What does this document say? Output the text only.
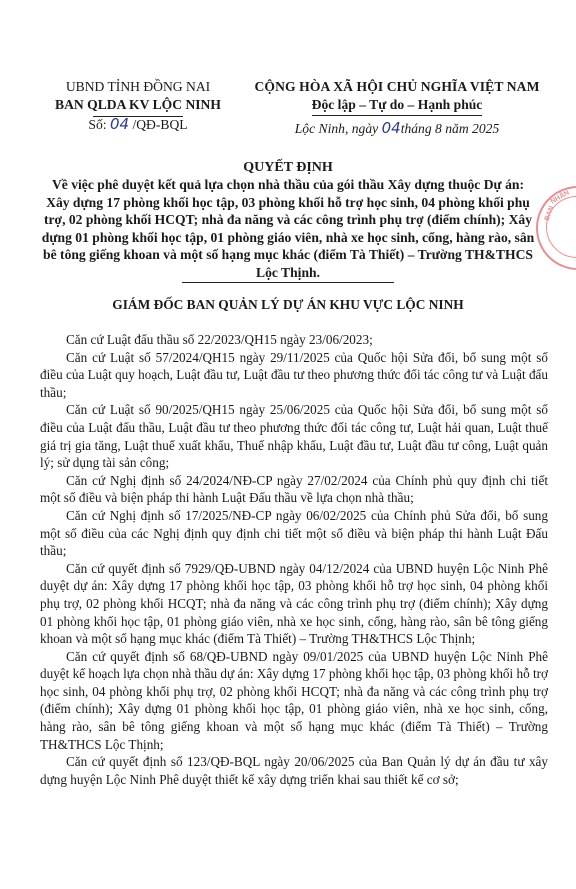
UBND TỈNH ĐỒNG NAI
BAN QLDA KV LỘC NINH
Số: 04 /QĐ-BQL
CỘNG HÒA XÃ HỘI CHỦ NGHĨA VIỆT NAM
Độc lập – Tự do – Hạnh phúc
Lộc Ninh, ngày 04tháng 8 năm 2025
QUYẾT ĐỊNH
Về việc phê duyệt kết quả lựa chọn nhà thầu của gói thầu Xây dựng thuộc Dự án: Xây dựng 17 phòng khối học tập, 03 phòng khối hỗ trợ học sinh, 04 phòng khối phụ trợ, 02 phòng khối HCQT; nhà đa năng và các công trình phụ trợ (điểm chính); Xây dựng 01 phòng khối học tập, 01 phòng giáo viên, nhà xe học sinh, cổng, hàng rào, sân bê tông giếng khoan và một số hạng mục khác (điểm Tà Thiết) – Trường TH&THCS Lộc Thịnh.
GIÁM ĐỐC BAN QUẢN LÝ DỰ ÁN KHU VỰC LỘC NINH

Căn cứ Luật đấu thầu số 22/2023/QH15 ngày 23/06/2023;

Căn cứ Luật số 57/2024/QH15 ngày 29/11/2025 của Quốc hội Sửa đổi, bổ sung một số điều của Luật quy hoạch, Luật đầu tư, Luật đầu tư theo phương thức đối tác công tư và Luật đấu thầu;

Căn cứ Luật số 90/2025/QH15 ngày 25/06/2025 của Quốc hội Sửa đổi, bổ sung một số điều của Luật đấu thầu, Luật đầu tư theo phương thức đối tác công tư, Luật hải quan, Luật thuế giá trị gia tăng, Luật thuế xuất khẩu, Thuế nhập khẩu, Luật đầu tư, Luật đầu tư công, Luật quản lý; sử dụng tài sản công;

Căn cứ Nghị định số 24/2024/NĐ-CP ngày 27/02/2024 của Chính phủ quy định chi tiết một số điều và biện pháp thi hành Luật Đấu thầu về lựa chọn nhà thầu;

Căn cứ Nghị định số 17/2025/NĐ-CP ngày 06/02/2025 của Chính phủ Sửa đổi, bổ sung một số điều của các Nghị định quy định chi tiết một số điều và biện pháp thi hành Luật Đấu thầu;

Căn cứ quyết định số 7929/QĐ-UBND ngày 04/12/2024 của UBND huyện Lộc Ninh Phê duyệt dự án: Xây dựng 17 phòng khối học tập, 03 phòng khối hỗ trợ học sinh, 04 phòng khối phụ trợ, 02 phòng khối HCQT; nhà đa năng và các công trình phụ trợ (điểm chính); Xây dựng 01 phòng khối học tập, 01 phòng giáo viên, nhà xe học sinh, cổng, hàng rào, sân bê tông giếng khoan và một số hạng mục khác (điểm Tà Thiết) – Trường TH&THCS Lộc Thịnh;

Căn cứ quyết định số 68/QĐ-UBND ngày 09/01/2025 của UBND huyện Lộc Ninh Phê duyệt kế hoạch lựa chọn nhà thầu dự án: Xây dựng 17 phòng khối học tập, 03 phòng khối hỗ trợ học sinh, 04 phòng khối phụ trợ, 02 phòng khối HCQT; nhà đa năng và các công trình phụ trợ (điểm chính); Xây dựng 01 phòng khối học tập, 01 phòng giáo viên, nhà xe học sinh, cổng, hàng rào, sân bê tông giếng khoan và một số hạng mục khác (điểm Tà Thiết) – Trường TH&THCS Lộc Thịnh;

Căn cứ quyết định số 123/QĐ-BQL ngày 20/06/2025 của Ban Quản lý dự án đầu tư xây dựng huyện Lộc Ninh Phê duyệt thiết kế xây dựng triển khai sau thiết kế cơ sở;

BAN
NHÂN
